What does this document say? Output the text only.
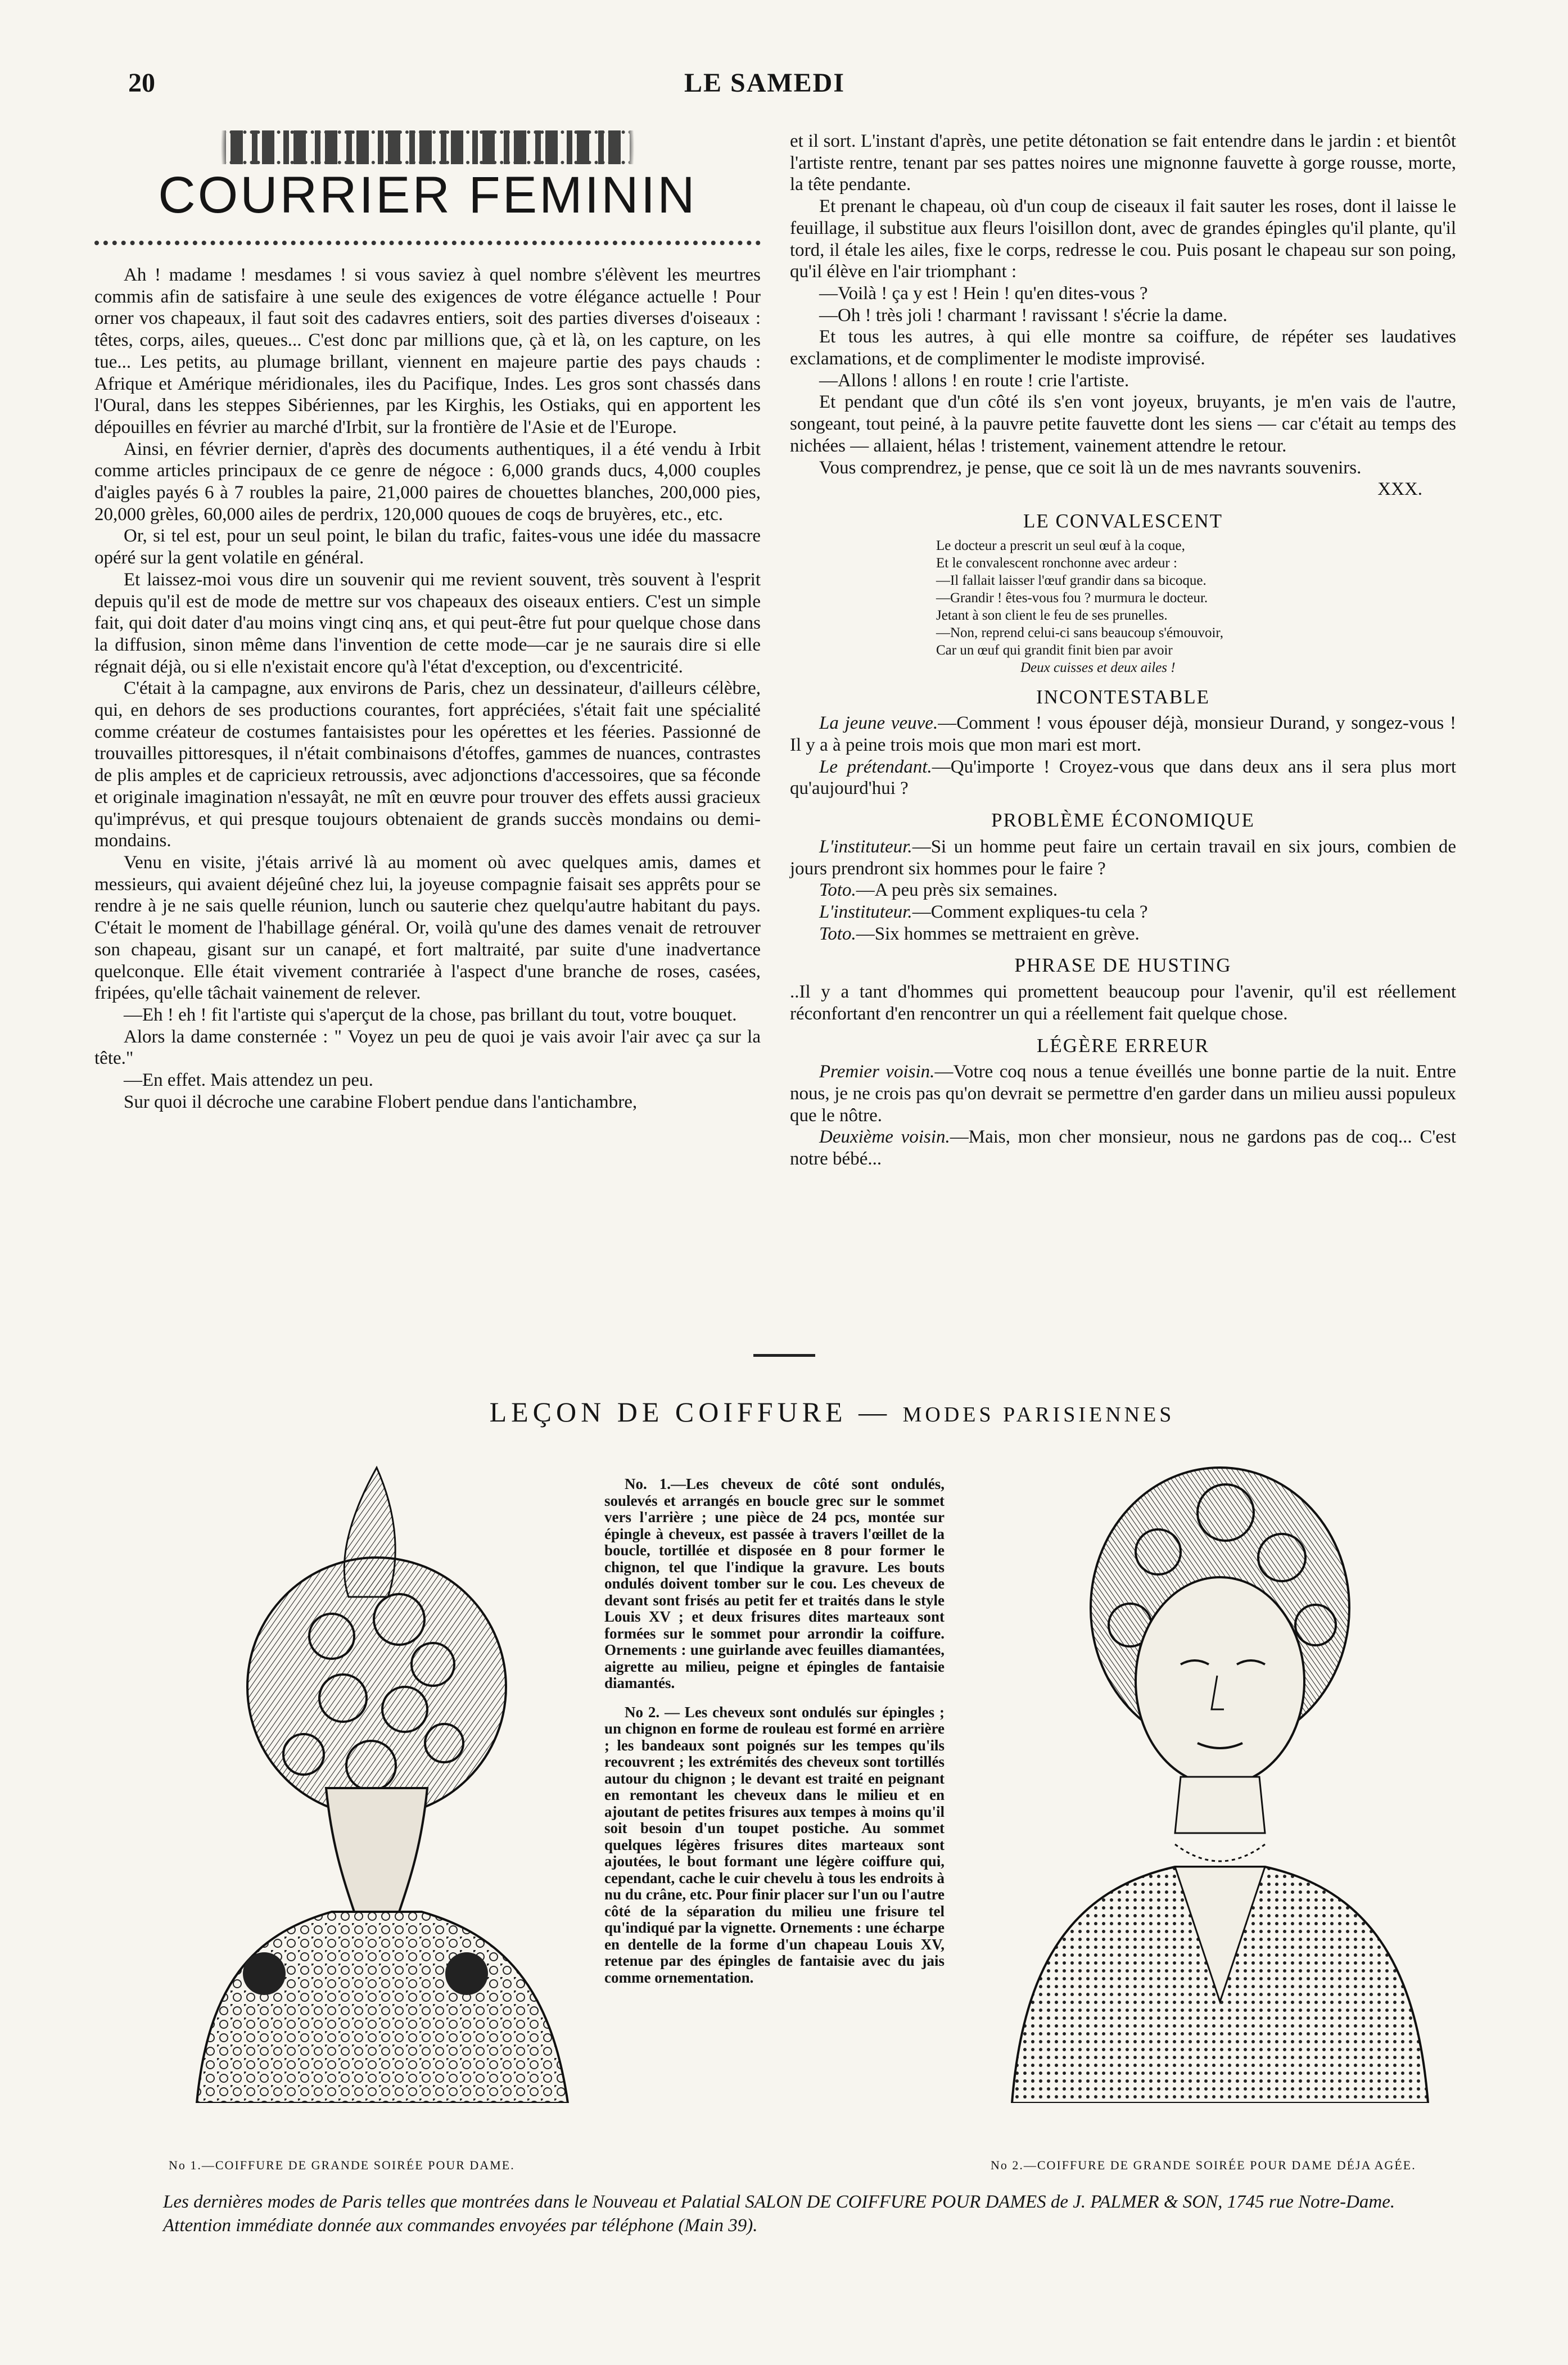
20	LE SAMEDI
COURRIER FEMININ

Ah ! madame ! mesdames ! si vous saviez à quel nombre s'élèvent les meurtres commis afin de satisfaire à une seule des exigences de votre élégance actuelle ! Pour orner vos chapeaux, il faut soit des cadavres entiers, soit des parties diverses d'oiseaux : têtes, corps, ailes, queues... C'est donc par millions que, çà et là, on les capture, on les tue... Les petits, au plumage brillant, viennent en majeure partie des pays chauds : Afrique et Amérique méridionales, iles du Pacifique, Indes. Les gros sont chassés dans l'Oural, dans les steppes Sibériennes, par les Kirghis, les Ostiaks, qui en apportent les dépouilles en février au marché d'Irbit, sur la frontière de l'Asie et de l'Europe.

Ainsi, en février dernier, d'après des documents authentiques, il a été vendu à Irbit comme articles principaux de ce genre de négoce : 6,000 grands ducs, 4,000 couples d'aigles payés 6 à 7 roubles la paire, 21,000 paires de chouettes blanches, 200,000 pies, 20,000 grèles, 60,000 ailes de perdrix, 120,000 quoues de coqs de bruyères, etc., etc.

Or, si tel est, pour un seul point, le bilan du trafic, faites-vous une idée du massacre opéré sur la gent volatile en général.

Et laissez-moi vous dire un souvenir qui me revient souvent, très souvent à l'esprit depuis qu'il est de mode de mettre sur vos chapeaux des oiseaux entiers. C'est un simple fait, qui doit dater d'au moins vingt cinq ans, et qui peut-être fut pour quelque chose dans la diffusion, sinon même dans l'invention de cette mode—car je ne saurais dire si elle régnait déjà, ou si elle n'existait encore qu'à l'état d'exception, ou d'excentricité.

C'était à la campagne, aux environs de Paris, chez un dessinateur, d'ailleurs célèbre, qui, en dehors de ses productions courantes, fort appréciées, s'était fait une spécialité comme créateur de costumes fantaisistes pour les opérettes et les féeries. Passionné de trouvailles pittoresques, il n'était combinaisons d'étoffes, gammes de nuances, contrastes de plis amples et de capricieux retroussis, avec adjonctions d'accessoires, que sa féconde et originale imagination n'essayât, ne mît en œuvre pour trouver des effets aussi gracieux qu'imprévus, et qui presque toujours obtenaient de grands succès mondains ou demi-mondains.

Venu en visite, j'étais arrivé là au moment où avec quelques amis, dames et messieurs, qui avaient déjeûné chez lui, la joyeuse compagnie faisait ses apprêts pour se rendre à je ne sais quelle réunion, lunch ou sauterie chez quelqu'autre habitant du pays. C'était le moment de l'habillage général. Or, voilà qu'une des dames venait de retrouver son chapeau, gisant sur un canapé, et fort maltraité, par suite d'une inadvertance quelconque. Elle était vivement contrariée à l'aspect d'une branche de roses, casées, fripées, qu'elle tâchait vainement de relever.

—Eh ! eh ! fit l'artiste qui s'aperçut de la chose, pas brillant du tout, votre bouquet.

Alors la dame consternée : " Voyez un peu de quoi je vais avoir l'air avec ça sur la tête."

—En effet. Mais attendez un peu.

Sur quoi il décroche une carabine Flobert pendue dans l'antichambre,

et il sort. L'instant d'après, une petite détonation se fait entendre dans le jardin : et bientôt l'artiste rentre, tenant par ses pattes noires une mignonne fauvette à gorge rousse, morte, la tête pendante.

Et prenant le chapeau, où d'un coup de ciseaux il fait sauter les roses, dont il laisse le feuillage, il substitue aux fleurs l'oisillon dont, avec de grandes épingles qu'il plante, qu'il tord, il étale les ailes, fixe le corps, redresse le cou. Puis posant le chapeau sur son poing, qu'il élève en l'air triomphant :

—Voilà ! ça y est ! Hein ! qu'en dites-vous ?

—Oh ! très joli ! charmant ! ravissant ! s'écrie la dame.

Et tous les autres, à qui elle montre sa coiffure, de répéter ses laudatives exclamations, et de complimenter le modiste improvisé.

—Allons ! allons ! en route ! crie l'artiste.

Et pendant que d'un côté ils s'en vont joyeux, bruyants, je m'en vais de l'autre, songeant, tout peiné, à la pauvre petite fauvette dont les siens — car c'était au temps des nichées — allaient, hélas ! tristement, vainement attendre le retour.

Vous comprendrez, je pense, que ce soit là un de mes navrants souvenirs.

XXX.
LE CONVALESCENT
Le docteur a prescrit un seul œuf à la coque,
Et le convalescent ronchonne avec ardeur :
—Il fallait laisser l'œuf grandir dans sa bicoque.
—Grandir ! êtes-vous fou ? murmura le docteur.
Jetant à son client le feu de ses prunelles.
—Non, reprend celui-ci sans beaucoup s'émouvoir,
Car un œuf qui grandit finit bien par avoir
Deux cuisses et deux ailes !
INCONTESTABLE

La jeune veuve.—Comment ! vous épouser déjà, monsieur Durand, y songez-vous ! Il y a à peine trois mois que mon mari est mort.

Le prétendant.—Qu'importe ! Croyez-vous que dans deux ans il sera plus mort qu'aujourd'hui ?

PROBLÈME ÉCONOMIQUE

L'instituteur.—Si un homme peut faire un certain travail en six jours, combien de jours prendront six hommes pour le faire ?

Toto.—A peu près six semaines.

L'instituteur.—Comment expliques-tu cela ?

Toto.—Six hommes se mettraient en grève.

PHRASE DE HUSTING

..Il y a tant d'hommes qui promettent beaucoup pour l'avenir, qu'il est réellement réconfortant d'en rencontrer un qui a réellement fait quelque chose.

LÉGÈRE ERREUR

Premier voisin.—Votre coq nous a tenue éveillés une bonne partie de la nuit. Entre nous, je ne crois pas qu'on devrait se permettre d'en garder dans un milieu aussi populeux que le nôtre.

Deuxième voisin.—Mais, mon cher monsieur, nous ne gardons pas de coq... C'est notre bébé...

LEÇON DE COIFFURE — MODES PARISIENNES

No. 1.—Les cheveux de côté sont ondulés, soulevés et arrangés en boucle grec sur le sommet vers l'arrière ; une pièce de 24 pcs, montée sur épingle à cheveux, est passée à travers l'œillet de la boucle, tortillée et disposée en 8 pour former le chignon, tel que l'indique la gravure. Les bouts ondulés doivent tomber sur le cou. Les cheveux de devant sont frisés au petit fer et traités dans le style Louis XV ; et deux frisures dites marteaux sont formées sur le sommet pour arrondir la coiffure. Ornements : une guirlande avec feuilles diamantées, aigrette au milieu, peigne et épingles de fantaisie diamantés.

No 2. — Les cheveux sont ondulés sur épingles ; un chignon en forme de rouleau est formé en arrière ; les bandeaux sont poignés sur les tempes qu'ils recouvrent ; les extrémités des cheveux sont tortillés autour du chignon ; le devant est traité en peignant en remontant les cheveux dans le milieu et en ajoutant de petites frisures aux tempes à moins qu'il soit besoin d'un toupet postiche. Au sommet quelques légères frisures dites marteaux sont ajoutées, le bout formant une légère coiffure qui, cependant, cache le cuir chevelu à tous les endroits à nu du crâne, etc. Pour finir placer sur l'un ou l'autre côté de la séparation du milieu une frisure tel qu'indiqué par la vignette. Ornements : une écharpe en dentelle de la forme d'un chapeau Louis XV, retenue par des épingles de fantaisie avec du jais comme ornementation.

No 1.—COIFFURE DE GRANDE SOIRÉE POUR DAME.	No 2.—COIFFURE DE GRANDE SOIRÉE POUR DAME DÉJA AGÉE.
Les dernières modes de Paris telles que montrées dans le Nouveau et Palatial SALON DE COIFFURE POUR DAMES de J. PALMER & SON, 1745 rue Notre-Dame. Attention immédiate donnée aux commandes envoyées par téléphone (Main 39).
